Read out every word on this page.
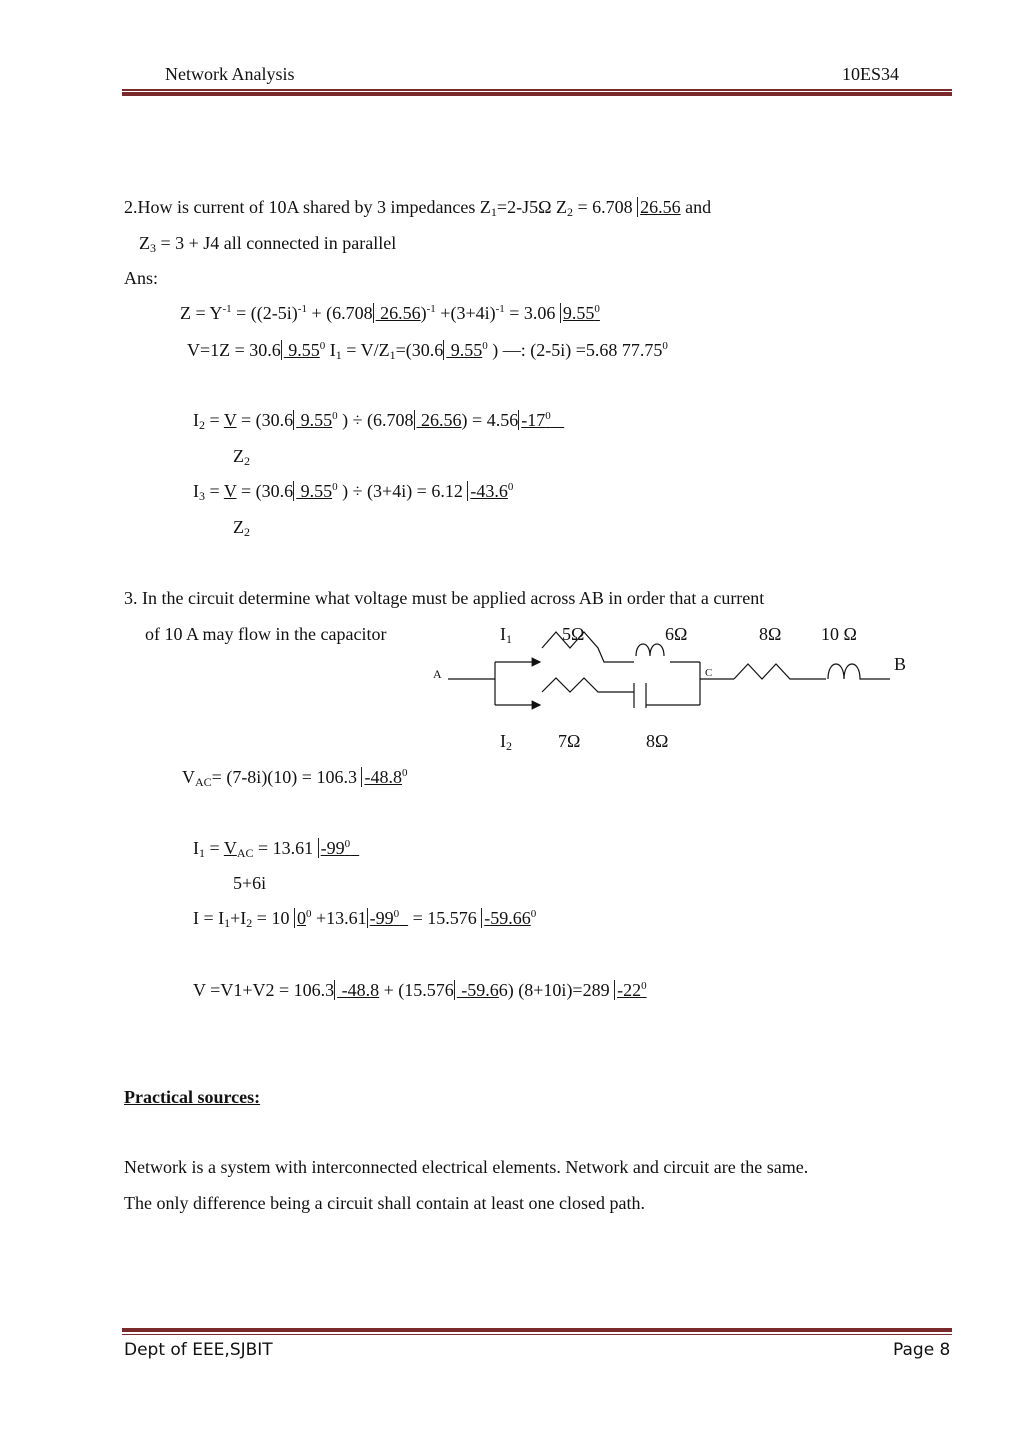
Network Analysis	10ES34
2.How is current of 10A shared by 3 impedances $Z_1=2-J5\Omega$ $Z_2 = 6.708$ 26.56 and
$Z_3 = 3 + J4$ all connected in parallel
Ans:
$Z = Y^{-1} = ((2-5i)^{-1} + (6.708$ $26.56)^{-1} +(3+4i)^{-1} = 3.06$ 9.55$^0$
V=1Z = 30.6 9.55$^0$ $I_1 = V/Z_1=(30.6$ 9.55$^0$ ) —: (2-5i) =5.68 77.75$^0$
$I_2 = V = (30.6$ 9.55$^0$ ) ÷ (6.708 26.56) = 4.56 $-17^0$
$Z_2$
$I_3 = V = (30.6$ 9.55$^0$ ) ÷ (3+4i) = 6.12 -43.6$^0$
$Z_2$
3. In the circuit determine what voltage must be applied across AB in order that a current
of 10 A may flow in the capacitor	$I_1$	5Ω	6Ω	8Ω 10 Ω
B
A	C
$I_2$	7Ω	8Ω
$V_{AC}= (7-8i)(10) = 106.3$ -48.8$^0$
$I_1 = V_{AC} = 13.61$ $-99^0$
5+6i
$I = I_1+I_2 = 10$ $0^0 +13.61$ $-99^0 = 15.576$ -59.66$^0$
V =V1+V2 = 106.3 -48.8 + (15.576 -59.66) (8+10i)=289 $-22^0$
Practical sources:
Network is a system with interconnected electrical elements. Network and circuit are the same.
The only difference being a circuit shall contain at least one closed path.
Dept of EEE,SJBIT	Page 8
